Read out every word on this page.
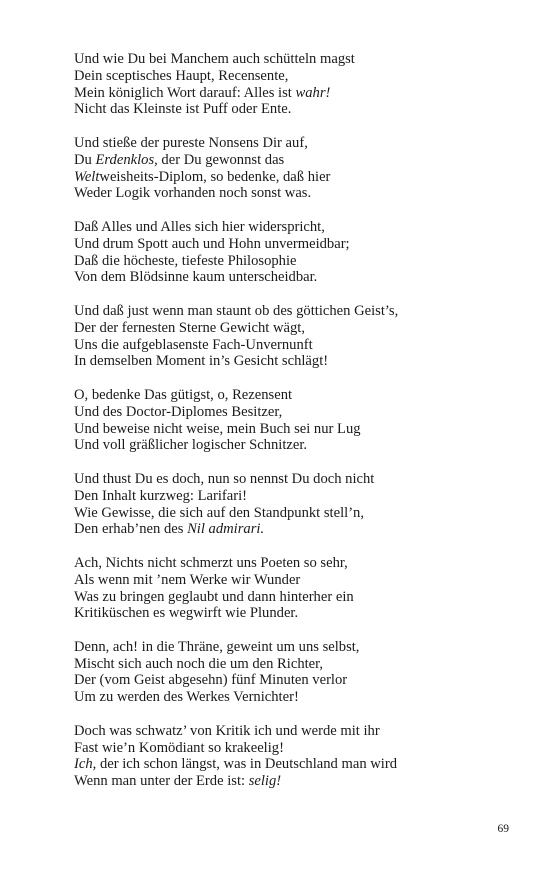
Und wie Du bei Manchem auch schütteln magst
Dein sceptisches Haupt, Recensente,
Mein königlich Wort darauf: Alles ist wahr!
Nicht das Kleinste ist Puff oder Ente.
Und stieße der pureste Nonsens Dir auf,
Du Erdenklos, der Du gewonnst das
Weltweisheits-Diplom, so bedenke, daß hier
Weder Logik vorhanden noch sonst was.
Daß Alles und Alles sich hier widerspricht,
Und drum Spott auch und Hohn unvermeidbar;
Daß die höcheste, tiefeste Philosophie
Von dem Blödsinne kaum unterscheidbar.
Und daß just wenn man staunt ob des göttichen Geist’s,
Der der fernesten Sterne Gewicht wägt,
Uns die aufgeblasenste Fach-Unvernunft
In demselben Moment in’s Gesicht schlägt!
O, bedenke Das gütigst, o, Rezensent
Und des Doctor-Diplomes Besitzer,
Und beweise nicht weise, mein Buch sei nur Lug
Und voll gräßlicher logischer Schnitzer.
Und thust Du es doch, nun so nennst Du doch nicht
Den Inhalt kurzweg: Larifari!
Wie Gewisse, die sich auf den Standpunkt stell’n,
Den erhab’nen des Nil admirari.
Ach, Nichts nicht schmerzt uns Poeten so sehr,
Als wenn mit ’nem Werke wir Wunder
Was zu bringen geglaubt und dann hinterher ein
Kritiküschen es wegwirft wie Plunder.
Denn, ach! in die Thräne, geweint um uns selbst,
Mischt sich auch noch die um den Richter,
Der (vom Geist abgesehn) fünf Minuten verlor
Um zu werden des Werkes Vernichter!
Doch was schwatz’ von Kritik ich und werde mit ihr
Fast wie’n Komödiant so krakeelig!
Ich, der ich schon längst, was in Deutschland man wird
Wenn man unter der Erde ist: selig!
69
